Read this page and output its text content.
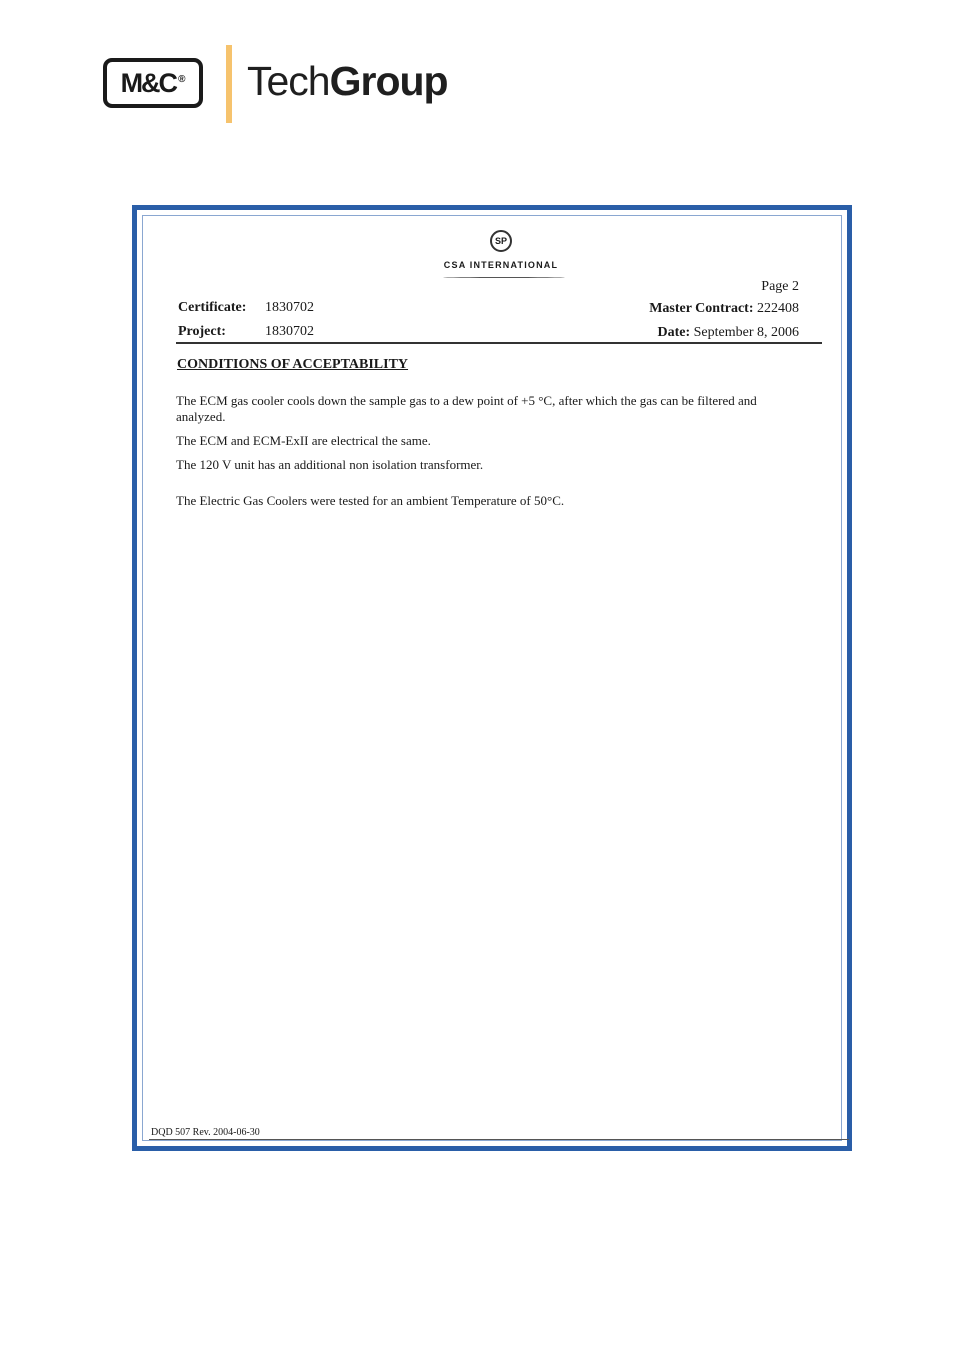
M&C ® TechGroup
SP
CSA INTERNATIONAL
Page 2
Certificate: 1830702
Project:	1830702
Master Contract: 222408
Date: September 8, 2006
CONDITIONS OF ACCEPTABILITY
The ECM gas cooler cools down the sample gas to a dew point of +5 °C, after which the gas can be filtered and analyzed.
The ECM and ECM-ExII are electrical the same.
The 120 V unit has an additional non isolation transformer.
The Electric Gas Coolers were tested for an ambient Temperature of 50°C.
DQD 507 Rev. 2004-06-30
